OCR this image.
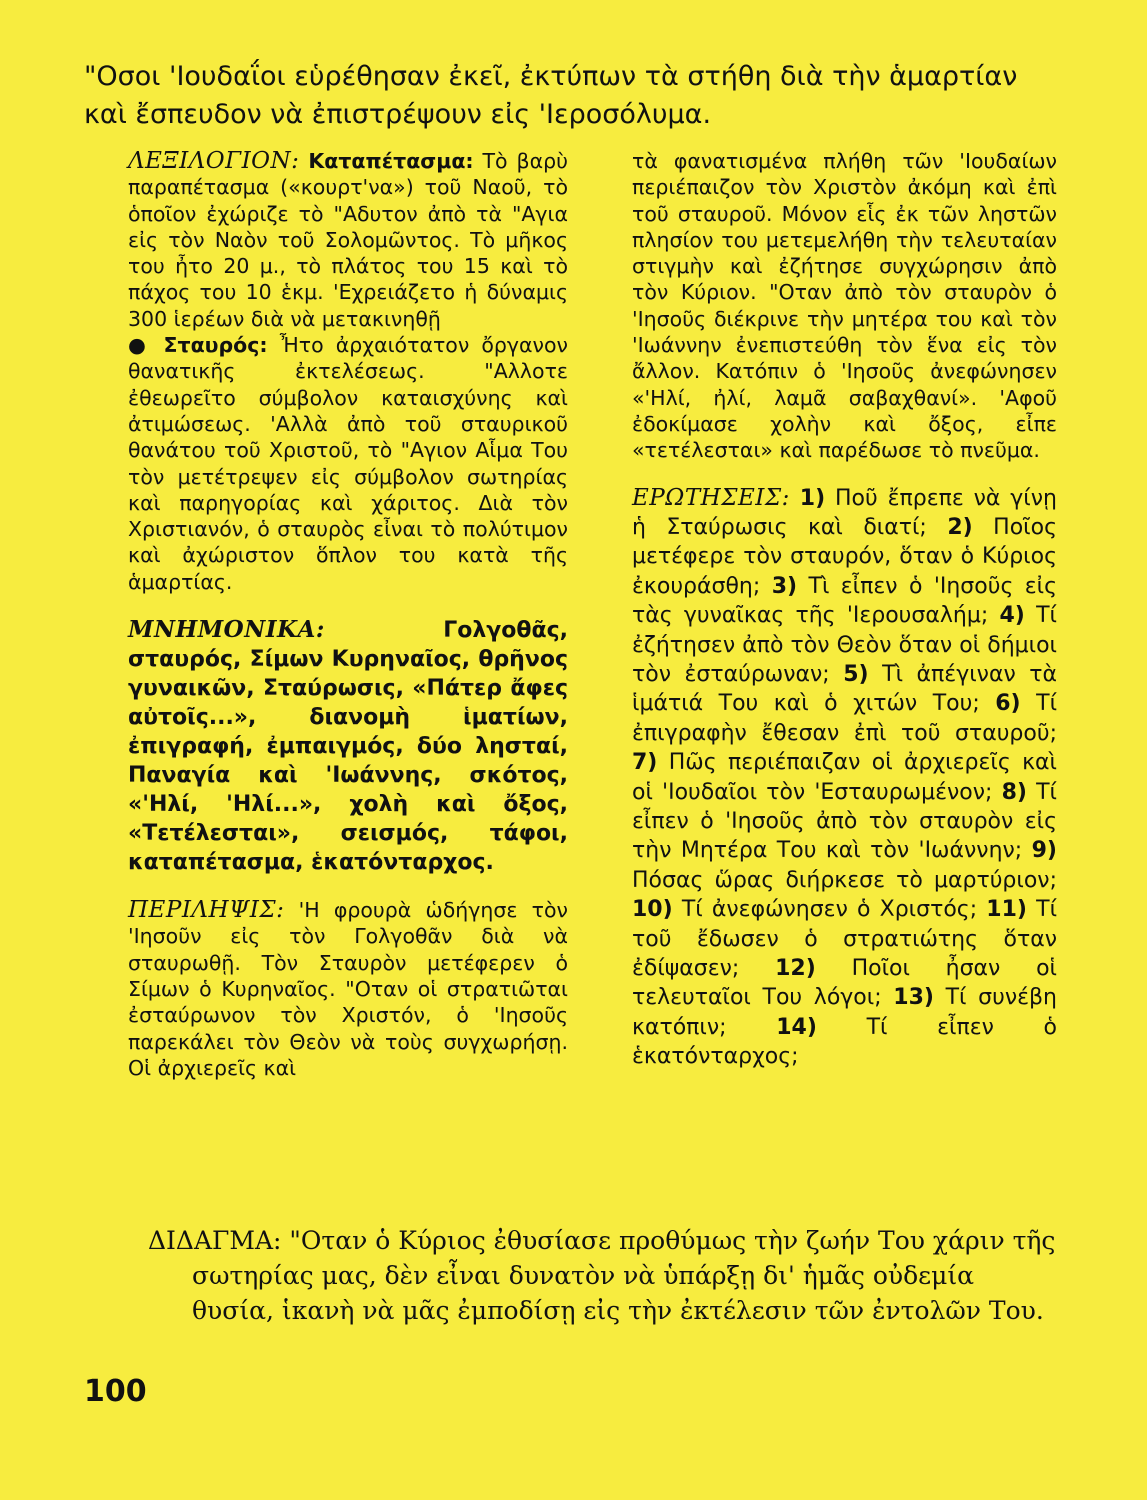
"Οσοι 'Ιουδαΐοι εὑρέθησαν ἐκεῖ, ἐκτύπων τὰ στήθη διὰ τὴν ἁμαρτίαν καὶ ἔσπευδον νὰ ἐπιστρέψουν εἰς 'Ιεροσόλυμα.

ΛΕΞΙΛΟΓΙΟΝ: Καταπέτασμα: Τὸ βαρὺ παραπέτασμα («κουρτ'να») τοῦ Ναοῦ, τὸ ὁποῖον ἐχώριζε τὸ "Αδυτον ἀπὸ τὰ "Αγια εἰς τὸν Ναὸν τοῦ Σολομῶντος. Τὸ μῆκος του ἦτο 20 μ., τὸ πλάτος του 15 καὶ τὸ πάχος του 10 ἑκμ. 'Εχρειάζετο ἡ δύναμις 300 ἱερέων διὰ νὰ μετακινηθῇ

● Σταυρός: Ἦτο ἀρχαιότατον ὄργανον θανατικῆς ἐκτελέσεως. "Αλλοτε ἐθεωρεῖτο σύμβολον καταισχύνης καὶ ἀτιμώσεως. 'Αλλὰ ἀπὸ τοῦ σταυρικοῦ θανάτου τοῦ Χριστοῦ, τὸ "Αγιον Αἷμα Του τὸν μετέτρεψεν εἰς σύμβολον σωτηρίας καὶ παρηγορίας καὶ χάριτος. Διὰ τὸν Χριστιανόν, ὁ σταυρὸς εἶναι τὸ πολύτιμον καὶ ἀχώριστον ὅπλον του κατὰ τῆς ἁμαρτίας.

ΜΝΗΜΟΝΙΚΑ:	Γολγοθᾶς, σταυρός, Σίμων Κυρηναῖος, θρῆνος γυναικῶν, Σταύρωσις, «Πάτερ ἄφες αὐτοῖς...», διανομὴ ἱματίων, ἐπιγραφή, ἐμπαιγμός, δύο λησταί, Παναγία καὶ 'Ιωάννης, σκότος, «'Ηλί, 'Ηλί...», χολὴ καὶ ὄξος, «Τετέλεσται», σεισμός, τάφοι, καταπέτασμα, ἑκατόνταρχος.

ΠΕΡΙΛΗΨΙΣ: 'Η φρουρὰ ὡδήγησε τὸν 'Ιησοῦν εἰς τὸν Γολγοθᾶν διὰ νὰ σταυρωθῇ. Τὸν Σταυρὸν μετέφερεν ὁ Σίμων ὁ Κυρηναῖος. "Οταν οἱ στρατιῶται ἐσταύρωνον τὸν Χριστόν, ὁ 'Ιησοῦς παρεκάλει τὸν Θεὸν νὰ τοὺς συγχωρήσῃ. Οἱ ἀρχιερεῖς καὶ

τὰ φανατισμένα πλήθη τῶν 'Ιουδαίων περιέπαιζον τὸν Χριστὸν ἀκόμη καὶ ἐπὶ τοῦ σταυροῦ. Μόνον εἷς ἐκ τῶν ληστῶν πλησίον του μετεμελήθη τὴν τελευταίαν στιγμὴν καὶ ἐζήτησε συγχώρησιν ἀπὸ τὸν Κύριον. "Οταν ἀπὸ τὸν σταυρὸν ὁ 'Ιησοῦς διέκρινε τὴν μητέρα του καὶ τὸν 'Ιωάννην ἐνεπιστεύθη τὸν ἕνα εἰς τὸν ἄλλον. Κατόπιν ὁ 'Ιησοῦς ἀνεφώνησεν «'Ηλί, ἠλί, λαμᾶ σαβαχθανί». 'Αφοῦ ἐδοκίμασε χολὴν καὶ ὄξος, εἶπε «τετέλεσται» καὶ παρέδωσε τὸ πνεῦμα.

ΕΡΩΤΗΣΕΙΣ: 1) Ποῦ ἔπρεπε νὰ γίνῃ ἡ Σταύρωσις καὶ διατί; 2) Ποῖος μετέφερε τὸν σταυρόν, ὅταν ὁ Κύριος ἐκουράσθη; 3) Τὶ εἶπεν ὁ 'Ιησοῦς εἰς τὰς γυναῖκας τῆς 'Ιερουσαλήμ; 4) Τί ἐζήτησεν ἀπὸ τὸν Θεὸν ὅταν οἱ δήμιοι τὸν ἐσταύρωναν; 5) Τὶ ἀπέγιναν τὰ ἱμάτιά Του καὶ ὁ χιτών Του; 6) Τί ἐπιγραφὴν ἔθεσαν ἐπὶ τοῦ σταυροῦ; 7) Πῶς περιέπαιζαν οἱ ἀρχιερεῖς καὶ οἱ 'Ιουδαῖοι τὸν 'Εσταυρωμένον; 8) Τί εἶπεν ὁ 'Ιησοῦς ἀπὸ τὸν σταυρὸν εἰς τὴν Μητέρα Του καὶ τὸν 'Ιωάννην; 9) Πόσας ὥρας διήρκεσε τὸ μαρτύριον; 10) Τί ἀνεφώνησεν ὁ Χριστός; 11) Τί τοῦ ἔδωσεν ὁ στρατιώτης ὅταν ἐδίψασεν; 12) Ποῖοι ἦσαν οἱ τελευταῖοι Του λόγοι; 13) Τί συνέβη κατόπιν; 14) Τί εἶπεν ὁ ἑκατόνταρχος;

ΔΙΔΑΓΜΑ: "Οταν ὁ Κύριος ἐθυσίασε προθύμως τὴν ζωήν Του χάριν τῆς σωτηρίας μας, δὲν εἶναι δυνατὸν νὰ ὑπάρξῃ δι' ἡμᾶς οὐδεμία θυσία, ἱκανὴ νὰ μᾶς ἐμποδίσῃ εἰς τὴν ἐκτέλεσιν τῶν ἐντολῶν Του.

100
